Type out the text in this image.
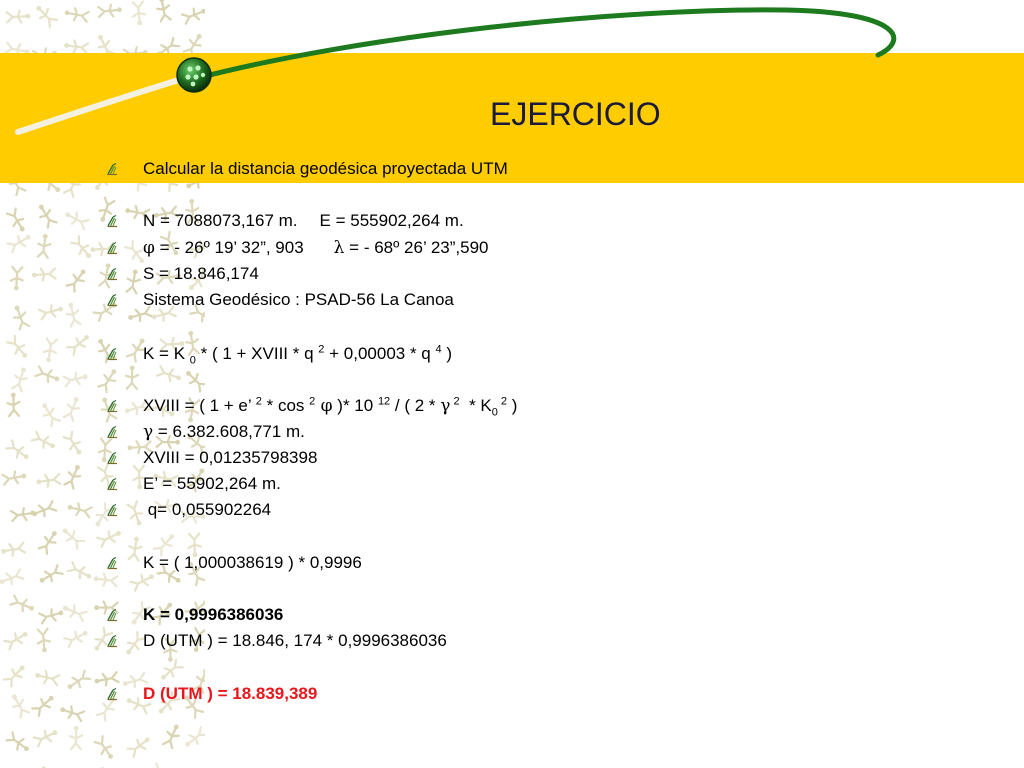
EJERCICIO
Calcular la distancia geodésica proyectada UTM
N = 7088073,167 m. E = 555902,264 m.
φ = - 26º 19’ 32”, 903 λ = - 68º 26’ 23”,590
S = 18.846,174
Sistema Geodésico : PSAD-56 La Canoa
K = K $_0$ * ( 1 + XVIII * q $^2$ + 0,00003 * q $^4$ )
XVIII = ( 1 + e’ $^2$ * cos $^2$ φ )* 10 $^{12}$ / ( 2 * γ $^2 * K_0$ $^2$ )
γ = 6.382.608,771 m.
XVIII = 0,01235798398
E’ = 55902,264 m.
q= 0,055902264
K = ( 1,000038619 ) * 0,9996
K = 0,9996386036
D (UTM ) = 18.846, 174 * 0,9996386036
D (UTM ) = 18.839,389
